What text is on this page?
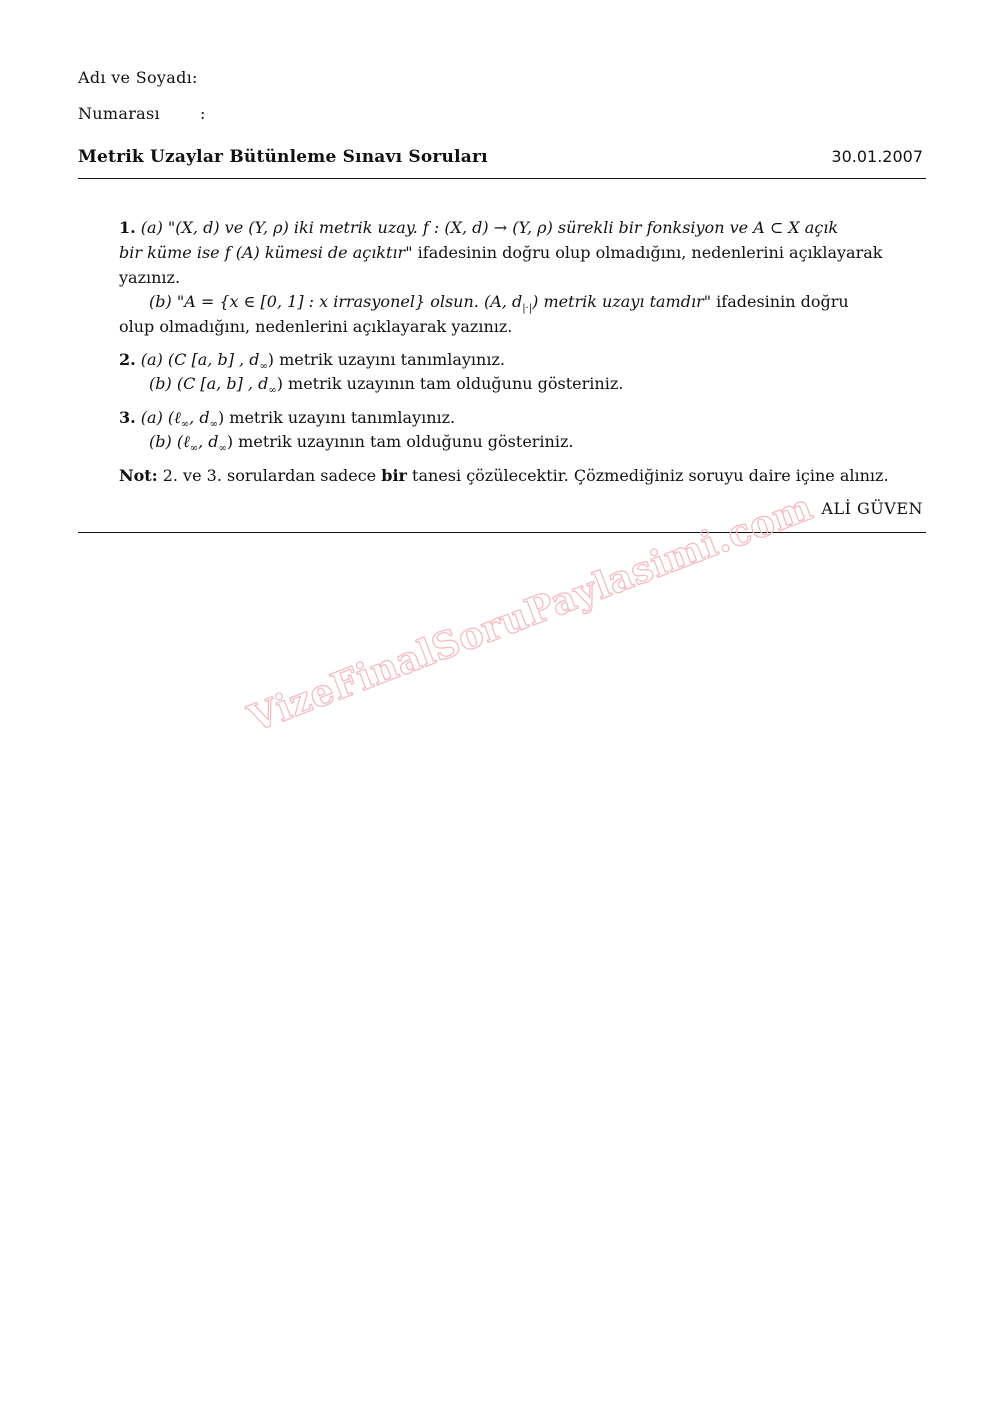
Adı ve Soyadı:
Numarası	:
Metrik Uzaylar Bütünleme Sınavı Soruları	30.01.2007
1. (a) "(X, d) ve (Y, ρ) iki metrik uzay. f : (X, d) → (Y, ρ) sürekli bir fonksiyon ve A ⊂ X açık
bir küme ise f (A) kümesi de açıktır" ifadesinin doğru olup olmadığını, nedenlerini açıklayarak
yazınız.
(b) "A = {x ∈ [0, 1] : x irrasyonel} olsun. (A, $d_{|\cdot|}$) metrik uzayı tamdır" ifadesinin doğru
olup olmadığını, nedenlerini açıklayarak yazınız.
2. (a) (C [a, b] , $d_\infty$) metrik uzayını tanımlayınız.
(b) (C [a, b] , $d_\infty$) metrik uzayının tam olduğunu gösteriniz.
3. (a) (ℓ$_\infty$, $d_\infty$) metrik uzayını tanımlayınız.
(b) (ℓ$_\infty$, $d_\infty$) metrik uzayının tam olduğunu gösteriniz.
Not: 2. ve 3. sorulardan sadece bir tanesi çözülecektir. Çözmediğiniz soruyu daire içine alınız.
ALİ GÜVEN
VizeFinalSoruPaylasimi.com
